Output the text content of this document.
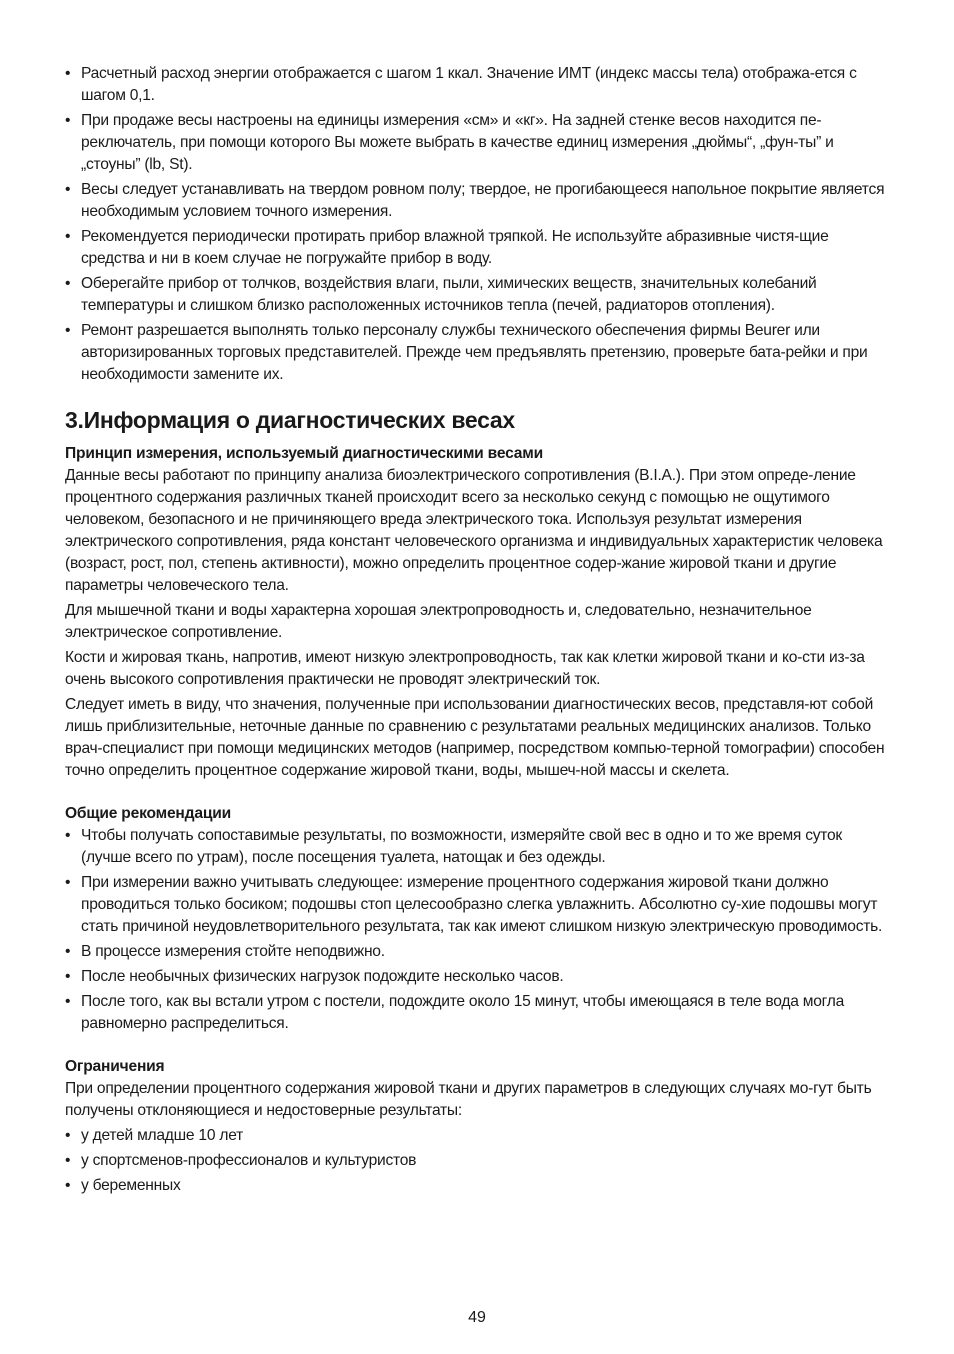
• Расчетный расход энергии отображается с шагом 1 ккал. Значение ИМТ (индекс массы тела) отобража-ется с шагом 0,1.
• При продаже весы настроены на единицы измерения «см» и «кг». На задней стенке весов находится пе-реключатель, при помощи которого Вы можете выбрать в качестве единиц измерения „дюймы“, „фун-ты” и „стоуны” (lb, St).
• Весы следует устанавливать на твердом ровном полу; твердое, не прогибающееся напольное покрытие является необходимым условием точного измерения.
• Рекомендуется периодически протирать прибор влажной тряпкой. Не используйте абразивные чистя-щие средства и ни в коем случае не погружайте прибор в воду.
• Оберегайте прибор от толчков, воздействия влаги, пыли, химических веществ, значительных колебаний температуры и слишком близко расположенных источников тепла (печей, радиаторов отопления).
• Ремонт разрешается выполнять только персоналу службы технического обеспечения фирмы Beurer или авторизированных торговых представителей. Прежде чем предъявлять претензию, проверьте бата-рейки и при необходимости замените их.
3.Информация о диагностических весах
Принцип измерения, используемый диагностическими весами

Данные весы работают по принципу анализа биоэлектрического сопротивления (B.I.A.). При этом опреде-ление процентного содержания различных тканей происходит всего за несколько секунд с помощью не ощутимого человеком, безопасного и не причиняющего вреда электрического тока. Используя результат измерения электрического сопротивления, ряда констант человеческого организма и индивидуальных характеристик человека (возраст, рост, пол, степень активности), можно определить процентное содер-жание жировой ткани и другие параметры человеческого тела.

Для мышечной ткани и воды характерна хорошая электропроводность и, следовательно, незначительное электрическое сопротивление.

Кости и жировая ткань, напротив, имеют низкую электропроводность, так как клетки жировой ткани и ко-сти из-за очень высокого сопротивления практически не проводят электрический ток.

Следует иметь в виду, что значения, полученные при использовании диагностических весов, представля-ют собой лишь приблизительные, неточные данные по сравнению с результатами реальных медицинских анализов. Только врач-специалист при помощи медицинских методов (например, посредством компью-терной томографии) способен точно определить процентное содержание жировой ткани, воды, мышеч-ной массы и скелета.

Общие рекомендации
• Чтобы получать сопоставимые результаты, по возможности, измеряйте свой вес в одно и то же время суток (лучше всего по утрам), после посещения туалета, натощак и без одежды.
• При измерении важно учитывать следующее: измерение процентного содержания жировой ткани должно проводиться только босиком; подошвы стоп целесообразно слегка увлажнить. Абсолютно су-хие подошвы могут стать причиной неудовлетворительного результата, так как имеют слишком низкую электрическую проводимость.
• В процессе измерения стойте неподвижно.
• После необычных физических нагрузок подождите несколько часов.
• После того, как вы встали утром с постели, подождите около 15 минут, чтобы имеющаяся в теле вода могла равномерно распределиться.
Ограничения

При определении процентного содержания жировой ткани и других параметров в следующих случаях мо-гут быть получены отклоняющиеся и недостоверные результаты:

• у детей младше 10 лет
• у спортсменов-профессионалов и культуристов
• у беременных
49
